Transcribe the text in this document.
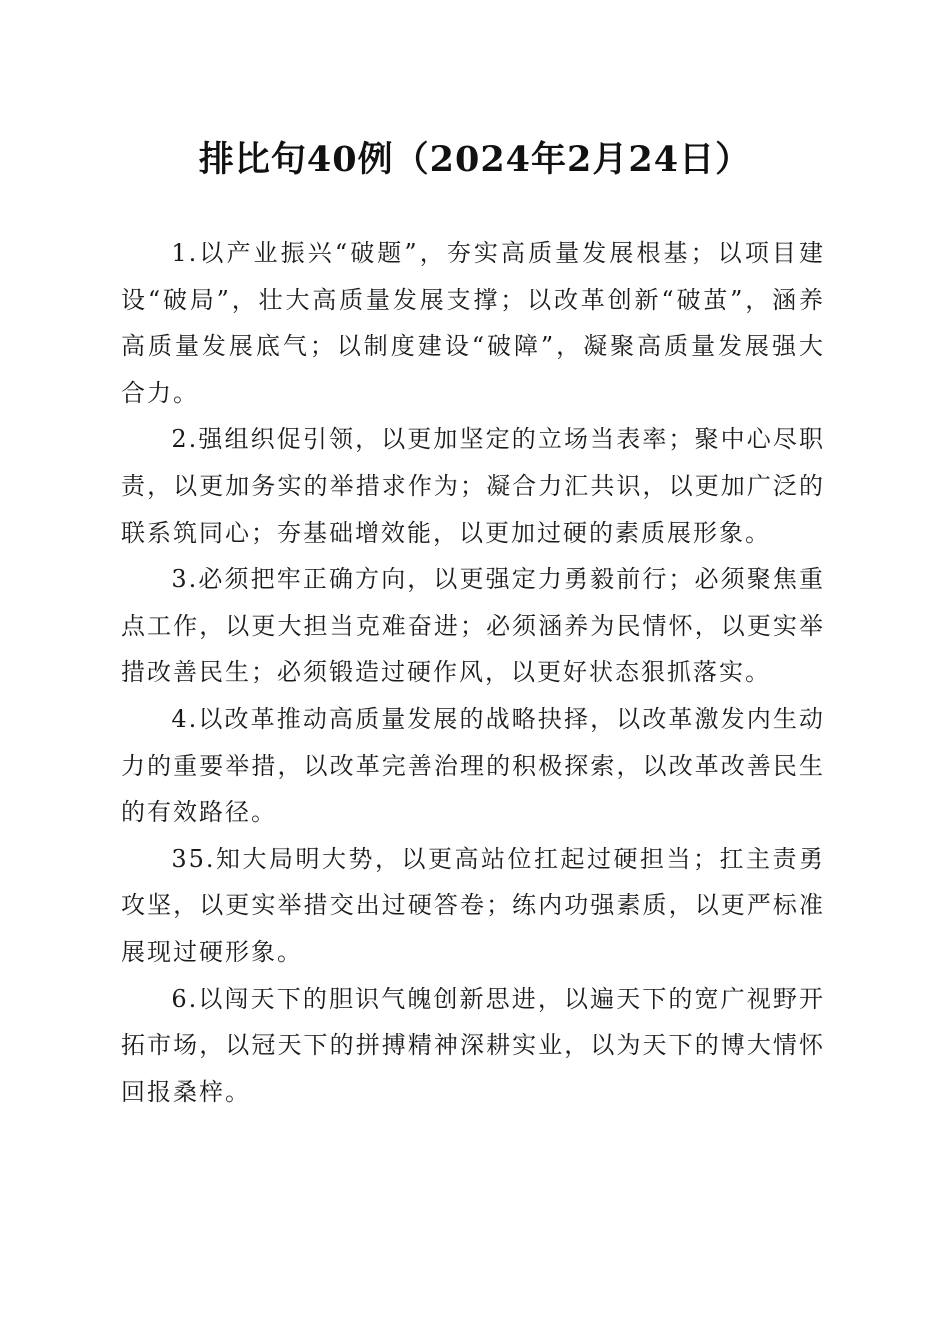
排比句40例（2024年2月24日）

1.以产业振兴“破题”，夯实高质量发展根基；以项目建设“破局”，壮大高质量发展支撑；以改革创新“破茧”，涵养高质量发展底气；以制度建设“破障”，凝聚高质量发展强大合力。

2.强组织促引领，以更加坚定的立场当表率；聚中心尽职责，以更加务实的举措求作为；凝合力汇共识，以更加广泛的联系筑同心；夯基础增效能，以更加过硬的素质展形象。

3.必须把牢正确方向，以更强定力勇毅前行；必须聚焦重点工作，以更大担当克难奋进；必须涵养为民情怀，以更实举措改善民生；必须锻造过硬作风，以更好状态狠抓落实。

4.以改革推动高质量发展的战略抉择，以改革激发内生动力的重要举措，以改革完善治理的积极探索，以改革改善民生的有效路径。

35.知大局明大势，以更高站位扛起过硬担当；扛主责勇攻坚，以更实举措交出过硬答卷；练内功强素质，以更严标准展现过硬形象。

6.以闯天下的胆识气魄创新思进，以遍天下的宽广视野开拓市场，以冠天下的拼搏精神深耕实业，以为天下的博大情怀回报桑梓。
